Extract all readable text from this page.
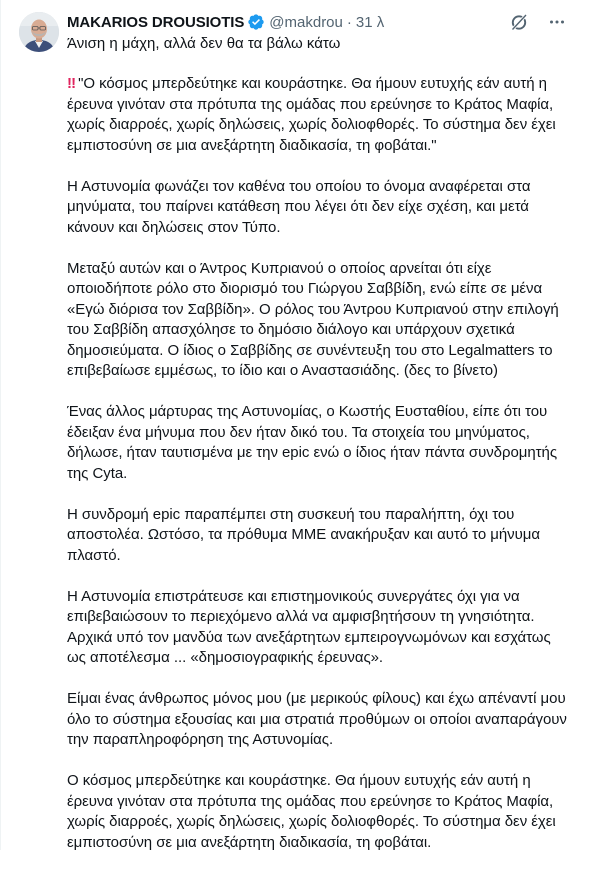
MAKARIOS DROUSIOTIS @makdrou · 31 λ
Άνιση η μάχη, αλλά δεν θα τα βάλω κάτω
‼ "Ο κόσμος μπερδεύτηκε και κουράστηκε. Θα ήμουν ευτυχής εάν αυτή η
έρευνα γινόταν στα πρότυπα της ομάδας που ερεύνησε το Κράτος Μαφία,
χωρίς διαρροές, χωρίς δηλώσεις, χωρίς δολιοφθορές. Το σύστημα δεν έχει
εμπιστοσύνη σε μια ανεξάρτητη διαδικασία, τη φοβάται."
Η Αστυνομία φωνάζει τον καθένα του οποίου το όνομα αναφέρεται στα
μηνύματα, του παίρνει κατάθεση που λέγει ότι δεν είχε σχέση, και μετά
κάνουν και δηλώσεις στον Τύπο.
Μεταξύ αυτών και ο Άντρος Κυπριανού ο οποίος αρνείται ότι είχε
οποιοδήποτε ρόλο στο διορισμό του Γιώργου Σαββίδη, ενώ είπε σε μένα
«Εγώ διόρισα τον Σαββίδη». Ο ρόλος του Άντρου Κυπριανού στην επιλογή
του Σαββίδη απασχόλησε το δημόσιο διάλογο και υπάρχουν σχετικά
δημοσιεύματα. Ο ίδιος ο Σαββίδης σε συνέντευξη του στο Legalmatters το
επιβεβαίωσε εμμέσως, το ίδιο και ο Αναστασιάδης. (δες το βίνετο)
Ένας άλλος μάρτυρας της Αστυνομίας, ο Κωστής Ευσταθίου, είπε ότι του
έδειξαν ένα μήνυμα που δεν ήταν δικό του. Τα στοιχεία του μηνύματος,
δήλωσε, ήταν ταυτισμένα με την epic ενώ ο ίδιος ήταν πάντα συνδρομητής
της Cyta.
Η συνδρομή epic παραπέμπει στη συσκευή του παραλήπτη, όχι του
αποστολέα. Ωστόσο, τα πρόθυμα ΜΜΕ ανακήρυξαν και αυτό το μήνυμα
πλαστό.
Η Αστυνομία επιστράτευσε και επιστημονικούς συνεργάτες όχι για να
επιβεβαιώσουν το περιεχόμενο αλλά να αμφισβητήσουν τη γνησιότητα.
Αρχικά υπό τον μανδύα των ανεξάρτητων εμπειρογνωμόνων και εσχάτως
ως αποτέλεσμα ... «δημοσιογραφικής έρευνας».
Είμαι ένας άνθρωπος μόνος μου (με μερικούς φίλους) και έχω απέναντί μου
όλο το σύστημα εξουσίας και μια στρατιά προθύμων οι οποίοι αναπαράγουν
την παραπληροφόρηση της Αστυνομίας.
Ο κόσμος μπερδεύτηκε και κουράστηκε. Θα ήμουν ευτυχής εάν αυτή η
έρευνα γινόταν στα πρότυπα της ομάδας που ερεύνησε το Κράτος Μαφία,
χωρίς διαρροές, χωρίς δηλώσεις, χωρίς δολιοφθορές. Το σύστημα δεν έχει
εμπιστοσύνη σε μια ανεξάρτητη διαδικασία, τη φοβάται.
